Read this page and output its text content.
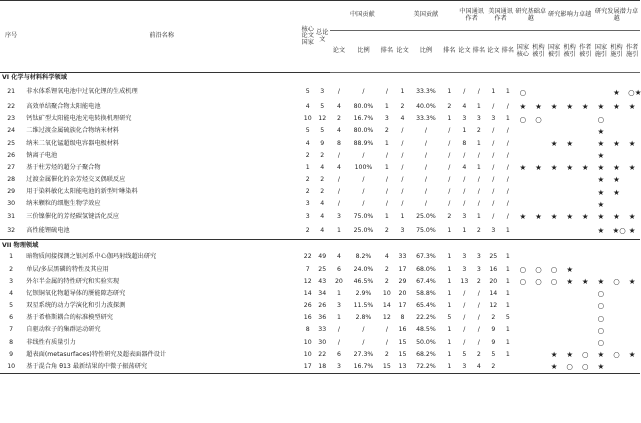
序号	前沿名称	核心论文国家	总论文	中国贡献			美国贡献			中国通讯作者		美国通讯作者		研究基础卓越		研究影响力卓越			研究发展潜力卓越		
				论文	比例	排名	论文	比例	排名	论文	排名	论文	排名	国家核心	机构被引	国家被引	机构被引	作者被引	国家施引	机构施引	作者施引
VI 化学与材料科学领域																					
21	非水体系锂氧电池中过氧化锂的生成机理	5	3	/	/	/	1	33.3%	1	/	/	1	1	○						★	○★
22	高效单结聚合物太阳能电池	4	5	4	80.0%	1	2	40.0%	2	4	1	/	/	★	★	★	★	★	★	★	★
23	钙钛矿型太阳能电池光电转换机理研究	10	12	2	16.7%	3	4	33.3%	1	3	3	3	1	○	○				○		
24	二维过渡金属硫族化合物纳米材料	5	5	4	80.0%	2	/	/	/	1	2	/	/						★		
25	纳米二氧化锰超级电容器电极材料	4	9	8	88.9%	1	/	/	/	8	1	/	/			★	★		★	★	★
26	钠离子电池	2	2	/	/	/	/	/	/	/	/	/	/						★		
27	基于柱芳烃的超分子聚合物	1	4	4	100%	1	/	/	/	4	1	/	/	★	★	★	★	★	★	★	★
28	过渡金属催化的杂芳烃交叉偶联反应	2	2	/	/	/	/	/	/	/	/	/	/						★	★	
29	用于染料敏化太阳能电池的新型叶啉染料	2	2	/	/	/	/	/	/	/	/	/	/						★	★	
30	纳米颗粒的细胞生物学效应	3	4	/	/	/	/	/	/	/	/	/	/						★		
31	三价镍催化的芳烃碳氢键活化反应	3	4	3	75.0%	1	1	25.0%	2	3	1	/	/	★	★	★	★	★	★	★	★
32	高性能锂硫电池	2	4	1	25.0%	2	3	75.0%	1	1	2	3	1						★	★○	★
VII 物理领域																					
1	暗物质间接探测之银河系中心伽玛射线超出研究	22	49	4	8.2%	4	33	67.3%	1	3	3	25	1								
2	单层/多层黑磷的特性及其应用	7	25	6	24.0%	2	17	68.0%	1	3	3	16	1	○	○	○	★				
3	外尔半金属的特性研究和实验实现	12	43	20	46.5%	2	29	67.4%	1	13	2	20	1	○	○	○	★	★	★	○	★
4	钇钡铜氧化物超导体的赝能隙态研究	14	34	1	2.9%	10	20	58.8%	1	/	/	14	1						○		
5	双星系统的动力学演化和引力波探测	26	26	3	11.5%	14	17	65.4%	1	/	/	12	1						○		
6	基于希格斯耦合的标准模型研究	16	36	1	2.8%	12	8	22.2%	5	/	/	2	5						○		
7	自驱动粒子的集群运动研究	8	33	/	/	/	16	48.5%	1	/	/	9	1						○		
8	非线性有质量引力	10	30	/	/	/	15	50.0%	1	/	/	9	1						○		
9	超表面(metasurfaces)特性研究及超表面器件设计	10	22	6	27.3%	2	15	68.2%	1	5	2	5	1			★	★	○	★	○	★
10	基于混合角 θ13 最新结果的中微子振荡研究	17	18	3	16.7%	15	13	72.2%	1	3	4	2				★	○	○	★		
